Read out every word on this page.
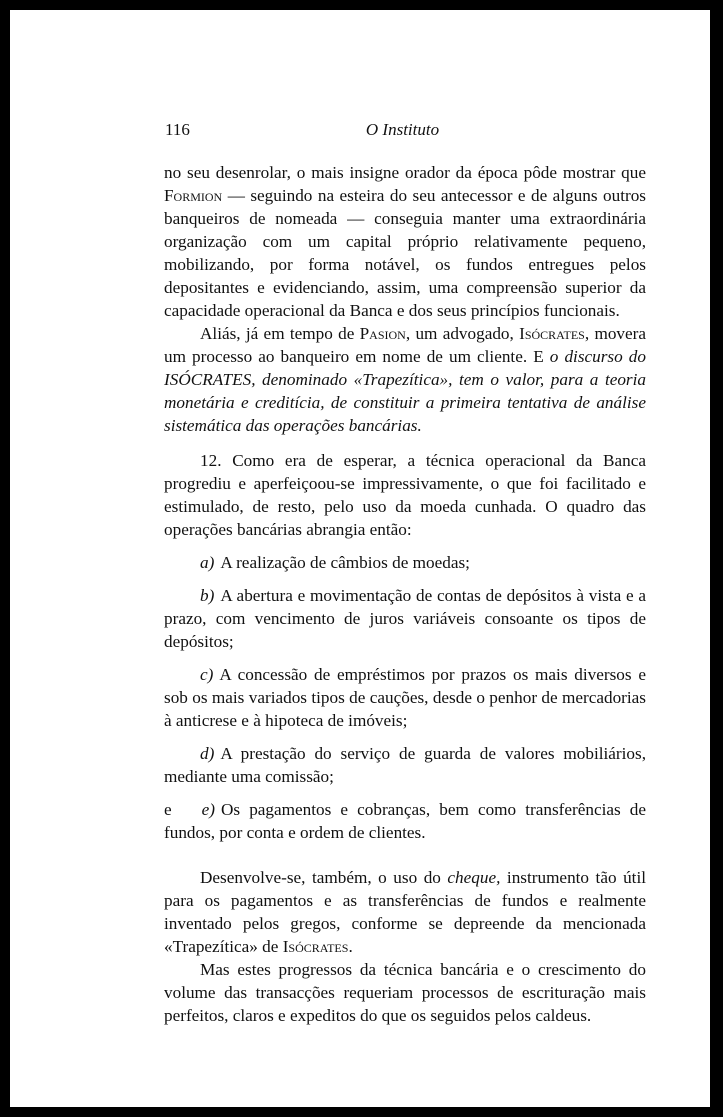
116	O Instituto

no seu desenrolar, o mais insigne orador da época pôde mostrar que Formion — seguindo na esteira do seu antecessor e de alguns outros banqueiros de nomeada — conseguia manter uma extraordinária organização com um capital próprio relativamente pequeno, mobilizando, por forma notável, os fundos entregues pelos depositantes e evidenciando, assim, uma compreensão superior da capacidade operacional da Banca e dos seus princípios funcionais.

Aliás, já em tempo de Pasion, um advogado, Isócrates, movera um processo ao banqueiro em nome de um cliente. E o discurso do ISÓCRATES, denominado «Trapezítica», tem o valor, para a teoria monetária e creditícia, de constituir a primeira tentativa de análise sistemática das operações bancárias.

12. Como era de esperar, a técnica operacional da Banca progrediu e aperfeiçoou-se impressivamente, o que foi facilitado e estimulado, de resto, pelo uso da moeda cunhada. O quadro das operações bancárias abrangia então:

a) A realização de câmbios de moedas;

b) A abertura e movimentação de contas de depósitos à vista e a prazo, com vencimento de juros variáveis consoante os tipos de depósitos;

c) A concessão de empréstimos por prazos os mais diversos e sob os mais variados tipos de cauções, desde o penhor de mercadorias à anticrese e à hipoteca de imóveis;

d) A prestação do serviço de guarda de valores mobiliários, mediante uma comissão;

e e) Os pagamentos e cobranças, bem como transferências de fundos, por conta e ordem de clientes.

Desenvolve-se, também, o uso do cheque, instrumento tão útil para os pagamentos e as transferências de fundos e realmente inventado pelos gregos, conforme se depreende da mencionada «Trapezítica» de Isócrates.

Mas estes progressos da técnica bancária e o crescimento do volume das transacções requeriam processos de escrituração mais perfeitos, claros e expeditos do que os seguidos pelos caldeus.
